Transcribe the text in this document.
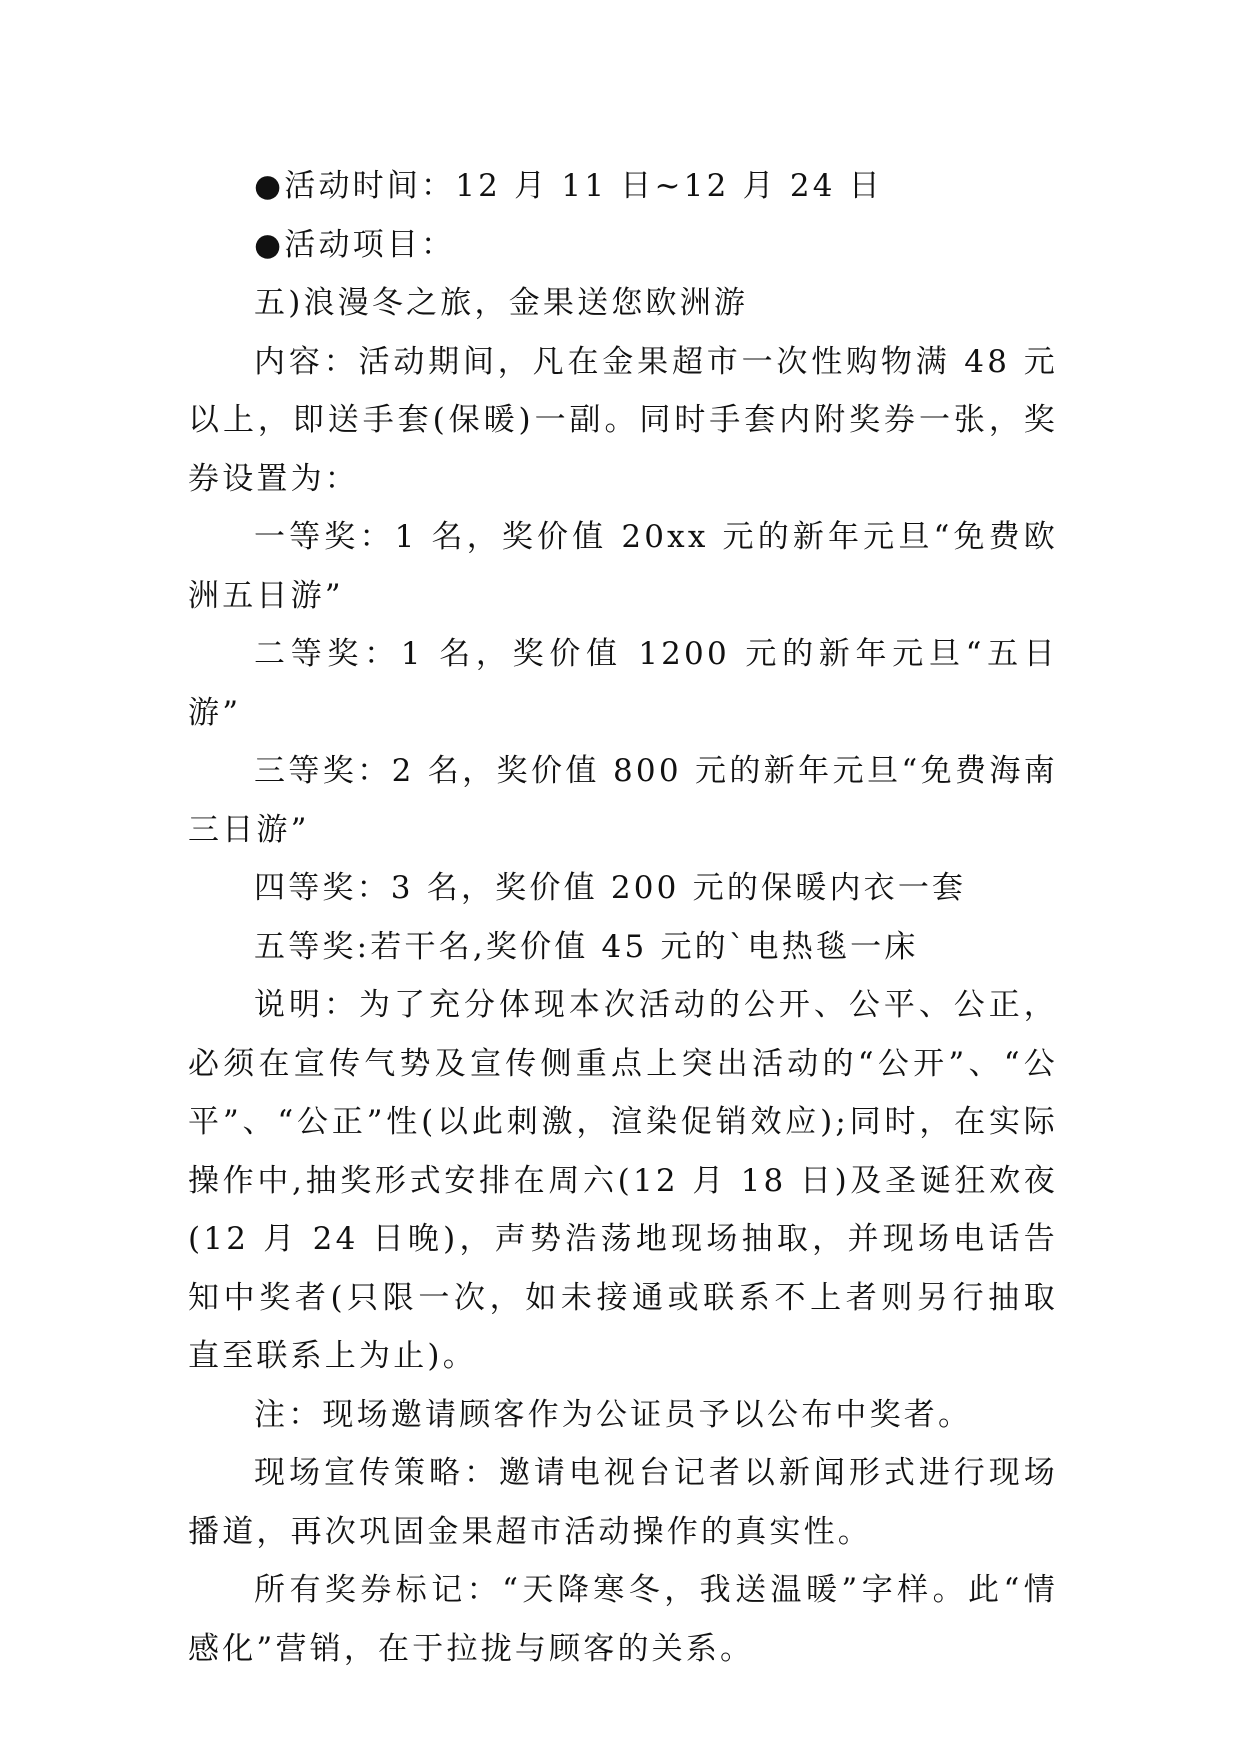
●活动时间：12 月 11 日~12 月 24 日

●活动项目：

五)浪漫冬之旅，金果送您欧洲游

内容：活动期间，凡在金果超市一次性购物满 48 元以上，即送手套(保暖)一副。同时手套内附奖券一张，奖券设置为：

一等奖：1 名，奖价值 20xx 元的新年元旦“免费欧洲五日游”

二等奖：1 名，奖价值 1200 元的新年元旦“五日游”

三等奖：2 名，奖价值 800 元的新年元旦“免费海南三日游”

四等奖：3 名，奖价值 200 元的保暖内衣一套

五等奖:若干名,奖价值 45 元的`电热毯一床

说明：为了充分体现本次活动的公开、公平、公正，必须在宣传气势及宣传侧重点上突出活动的“公开”、“公平”、“公正”性(以此刺激，渲染促销效应);同时，在实际操作中,抽奖形式安排在周六(12 月 18 日)及圣诞狂欢夜(12 月 24 日晚)，声势浩荡地现场抽取，并现场电话告知中奖者(只限一次，如未接通或联系不上者则另行抽取直至联系上为止)。

注：现场邀请顾客作为公证员予以公布中奖者。

现场宣传策略：邀请电视台记者以新闻形式进行现场播道，再次巩固金果超市活动操作的真实性。

所有奖券标记：“天降寒冬，我送温暖”字样。此“情感化”营销，在于拉拢与顾客的关系。
